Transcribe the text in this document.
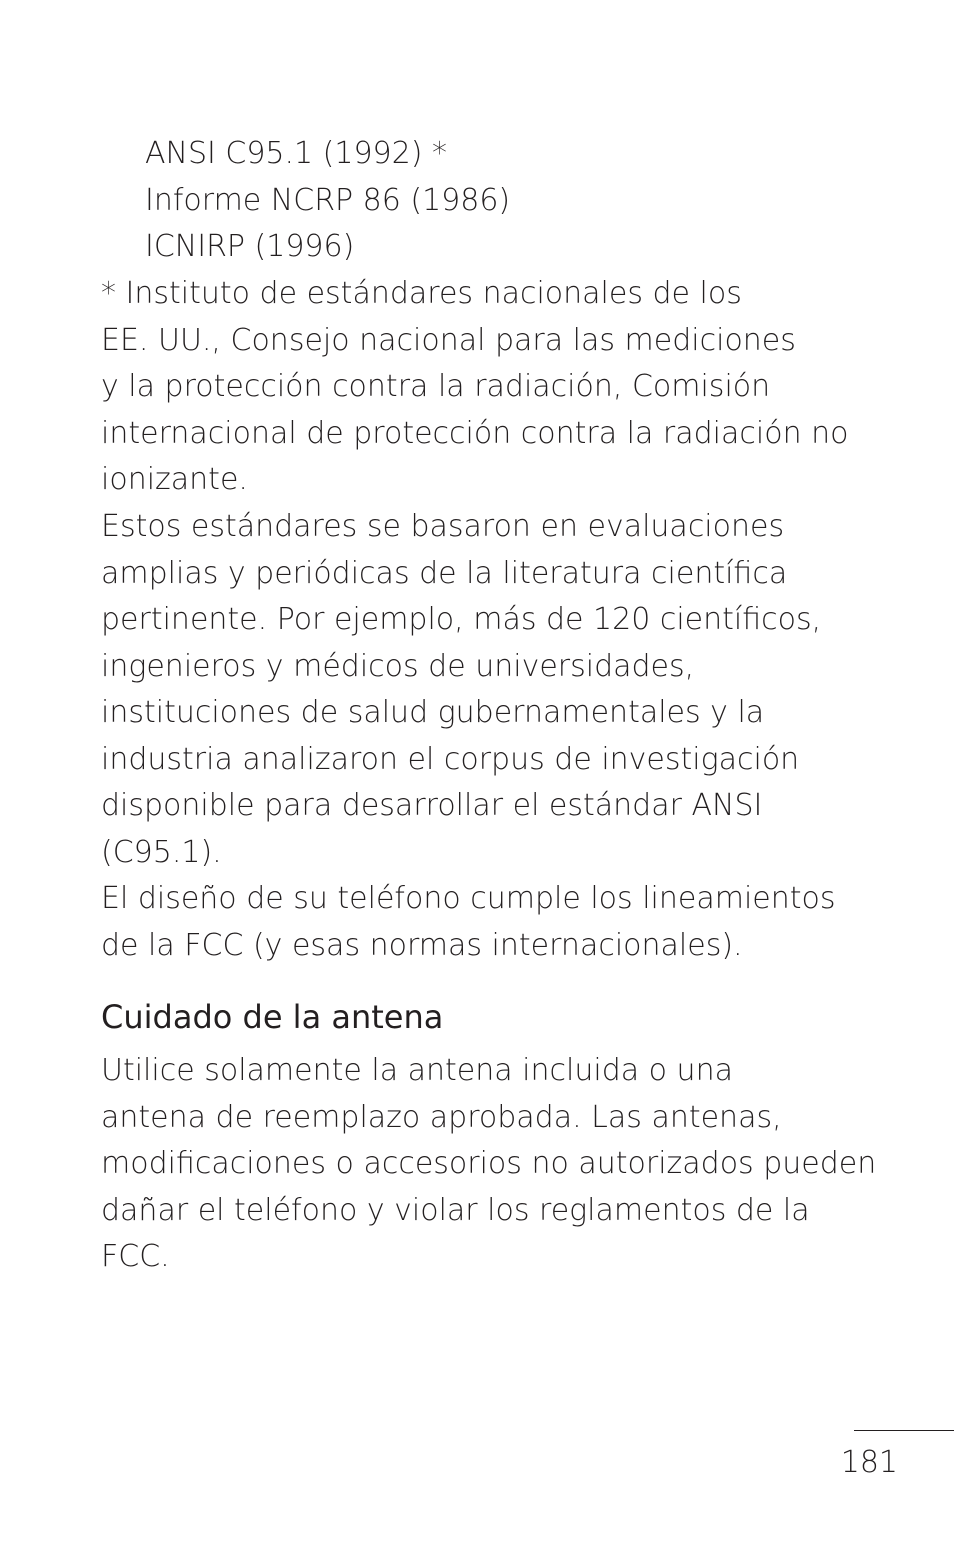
ANSI C95.1 (1992) *
Informe NCRP 86 (1986)
ICNIRP (1996)

* Instituto de estándares nacionales de los
EE. UU., Consejo nacional para las mediciones
y la protección contra la radiación, Comisión
internacional de protección contra la radiación no
ionizante.

Estos estándares se basaron en evaluaciones
amplias y periódicas de la literatura científica
pertinente. Por ejemplo, más de 120 científicos,
ingenieros y médicos de universidades,
instituciones de salud gubernamentales y la
industria analizaron el corpus de investigación
disponible para desarrollar el estándar ANSI
(C95.1).

El diseño de su teléfono cumple los lineamientos
de la FCC (y esas normas internacionales).

Cuidado de la antena

Utilice solamente la antena incluida o una
antena de reemplazo aprobada. Las antenas,
modificaciones o accesorios no autorizados pueden
dañar el teléfono y violar los reglamentos de la
FCC.

181
